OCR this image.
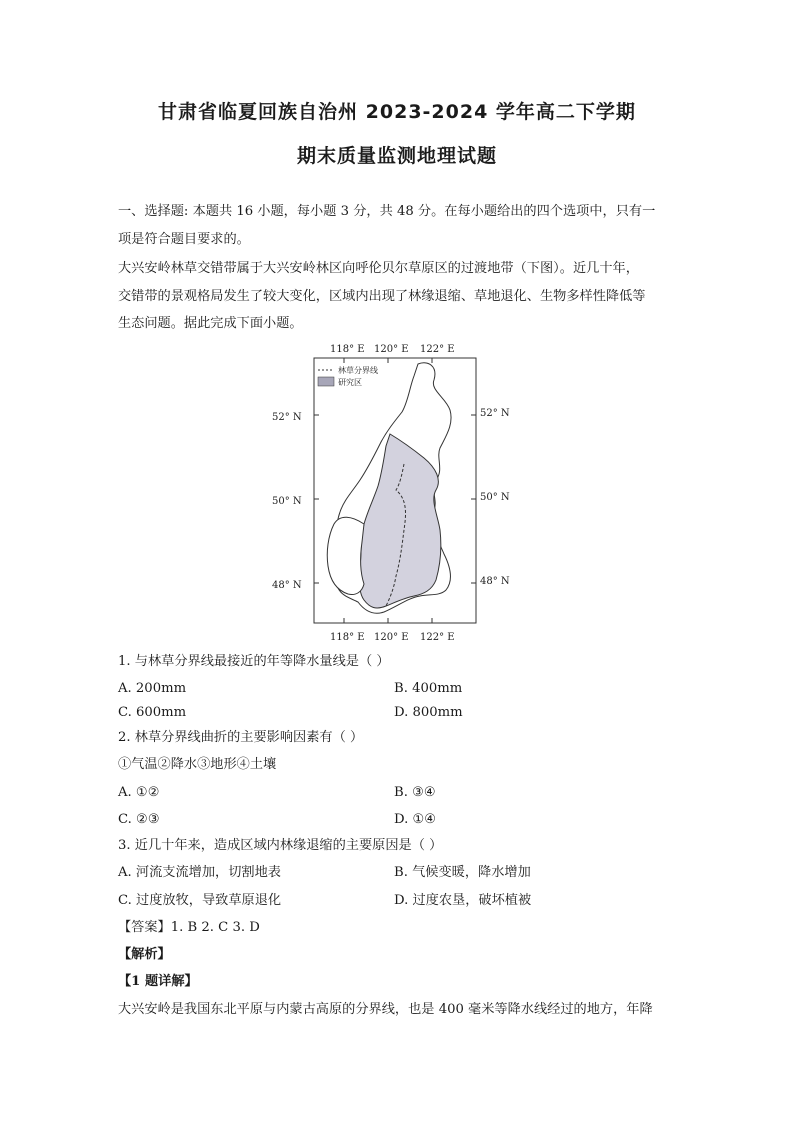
甘肃省临夏回族自治州 2023-2024 学年高二下学期
期末质量监测地理试题
一、选择题: 本题共 16 小题，每小题 3 分，共 48 分。在每小题给出的四个选项中，只有一
项是符合题目要求的。
大兴安岭林草交错带属于大兴安岭林区向呼伦贝尔草原区的过渡地带（下图）。近几十年，
交错带的景观格局发生了较大变化，区域内出现了林缘退缩、草地退化、生物多样性降低等
生态问题。据此完成下面小题。
118° E 120° E 122° E
118° E 120° E 122° E
52° N
50° N
48° N
52° N
50° N
48° N
林草分界线
研究区
1. 与林草分界线最接近的年等降水量线是（ ）
A. 200mm	B. 400mm
C. 600mm	D. 800mm
2. 林草分界线曲折的主要影响因素有（ ）
①气温②降水③地形④土壤
A. ①②	B. ③④
C. ②③	D. ①④
3. 近几十年来，造成区域内林缘退缩的主要原因是（ ）
A. 河流支流增加，切割地表	B. 气候变暖，降水增加
C. 过度放牧，导致草原退化	D. 过度农垦，破坏植被
【答案】1. B 2. C 3. D
【解析】
【1 题详解】
大兴安岭是我国东北平原与内蒙古高原的分界线，也是 400 毫米等降水线经过的地方，年降
